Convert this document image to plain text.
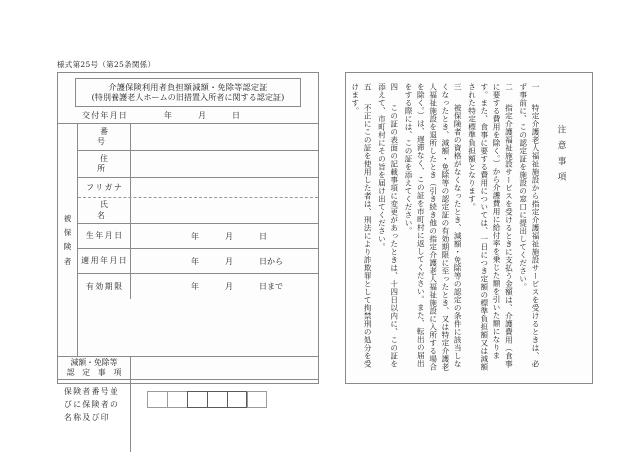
様式第25号（第25条関係）
介護保険利用者負担額減額・免除等認定証
(特別養護老人ホームの旧措置入所者に関する認定証)
交付年月日	年	月	日
被
保
険
者
番　　号
住　　所
フリガナ
氏　　名
生年月日	年	月	日
適用年月日	年	月	日から
有効期限	年	月	日まで
減額・免除等
認　定　事　項
保険者番号並びに保険者の名称及び印
注意事項
一　特定介護老人福祉施設から指定介護福祉施設サービスを受けるときは、必ず事前に、この認定証を施設の窓口に提出してください。
二　指定介護福祉施設サービスを受けるときに支払う金額は、介護費用（食事に要する費用を除く。）から介護費用に給付率を乗じた額を引いた額になります。また、食事に要する費用については、一日につき定額の標準負担額又は減額された特定標準負担額となります。
三　被保険者の資格がなくなったとき、減額・免除等の認定の条件に該当しなくなったとき、減額・免除等の認定証の有効期限に至ったとき、又は特定介護老人福祉施設を退所したとき（引き続き他の指定介護老人福祉施設に入所する場合を除く。）は、遅滞なく、この証を市町村に返してください。また、転出の届出をする際には、この証を添えてください。
四　この証の表面の記載事項に変更があったときは、十四日以内に、この証を添えて、市町村にその旨を届け出てください。
五　不正にこの証を使用した者は、刑法により詐欺罪として拘禁刑の処分を受けます。
